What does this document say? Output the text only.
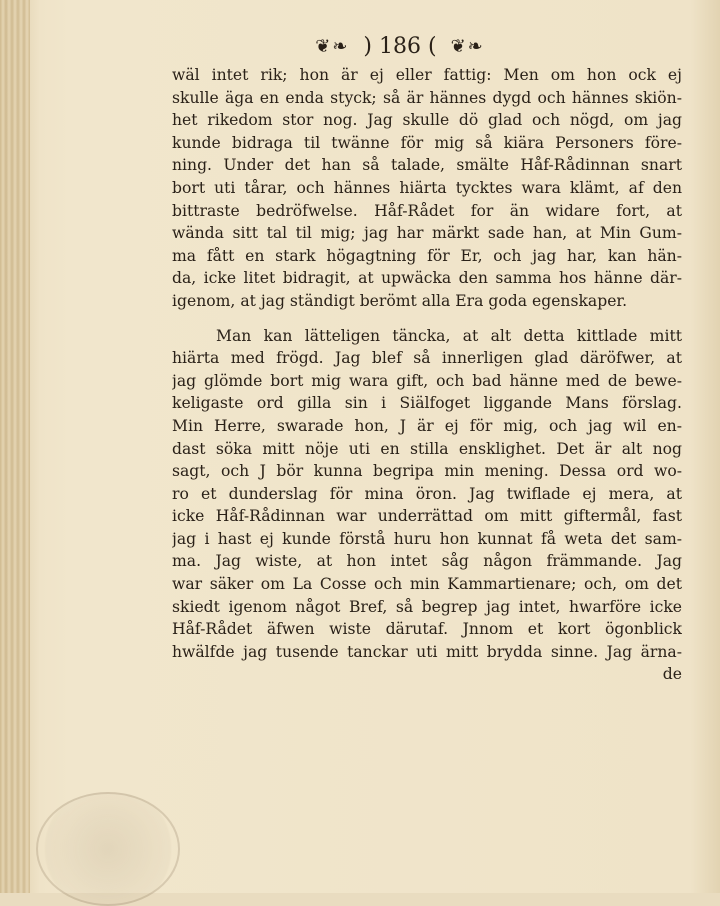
❦❧ ) 186 ( ❦❧
wäl intet rik; hon är ej eller fattig: Men om hon ock ej
skulle äga en enda styck; så är hännes dygd och hännes skiön-
het rikedom stor nog. Jag skulle dö glad och nögd, om jag
kunde bidraga til twänne för mig så kiära Personers före-
ning. Under det han så talade, smälte Håf-Rådinnan snart
bort uti tårar, och hännes hiärta tycktes wara klämt, af den
bittraste bedröfwelse. Håf-Rådet for än widare fort, at
wända sitt tal til mig; jag har märkt sade han, at Min Gum-
ma fått en stark högagtning för Er, och jag har, kan hän-
da, icke litet bidragit, at upwäcka den samma hos hänne där-
igenom, at jag ständigt berömt alla Era goda egenskaper.
Man kan lätteligen täncka, at alt detta kittlade mitt
hiärta med frögd. Jag blef så innerligen glad däröfwer, at
jag glömde bort mig wara gift, och bad hänne med de bewe-
keligaste ord gilla sin i Siälfoget liggande Mans förslag.
Min Herre, swarade hon, J är ej för mig, och jag wil en-
dast söka mitt nöje uti en stilla ensklighet. Det är alt nog
sagt, och J bör kunna begripa min mening. Dessa ord wo-
ro et dunderslag för mina öron. Jag twiflade ej mera, at
icke Håf-Rådinnan war underrättad om mitt giftermål, fast
jag i hast ej kunde förstå huru hon kunnat få weta det sam-
ma. Jag wiste, at hon intet såg någon främmande. Jag
war säker om La Cosse och min Kammartienare; och, om det
skiedt igenom något Bref, så begrep jag intet, hwarföre icke
Håf-Rådet äfwen wiste därutaf. Jnnom et kort ögonblick
hwälfde jag tusende tanckar uti mitt brydda sinne. Jag ärna-
de
